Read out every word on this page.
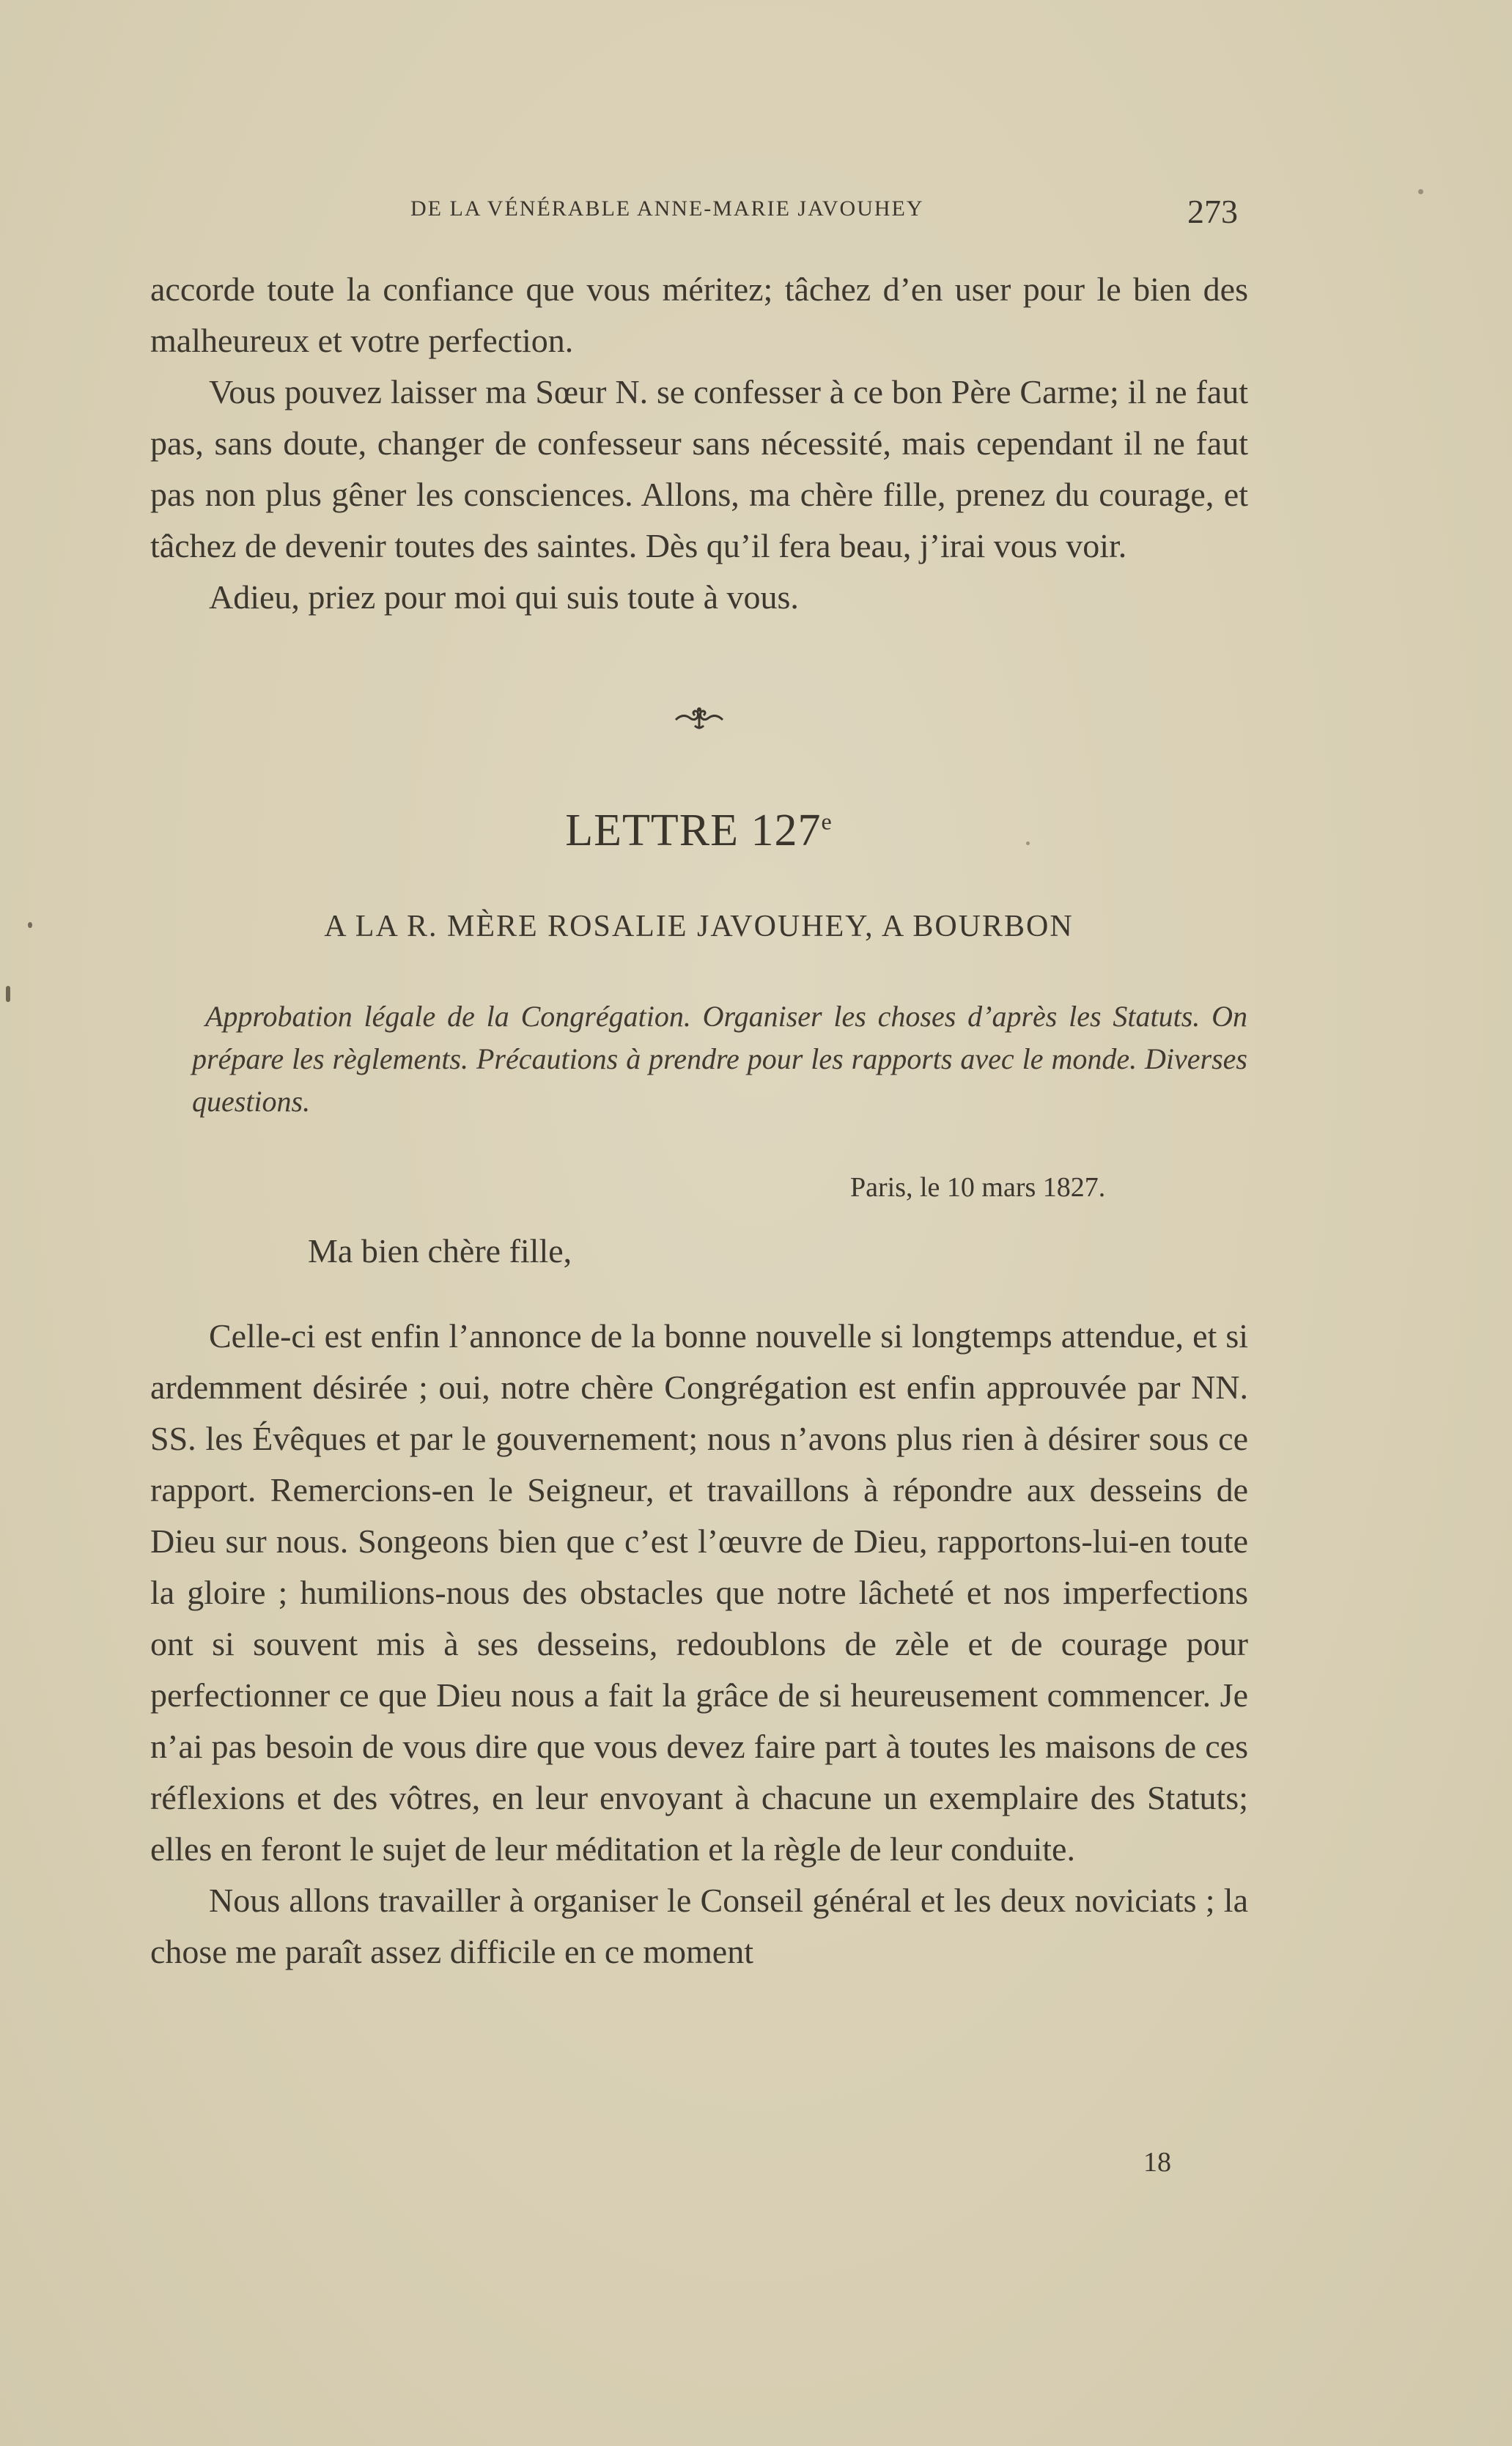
DE LA VÉNÉRABLE ANNE-MARIE JAVOUHEY	273

accorde toute la confiance que vous méritez; tâchez d’en user pour le bien des malheureux et votre perfection.

Vous pouvez laisser ma Sœur N. se confesser à ce bon Père Carme; il ne faut pas, sans doute, changer de confesseur sans nécessité, mais cependant il ne faut pas non plus gêner les consciences. Allons, ma chère fille, prenez du courage, et tâchez de devenir toutes des saintes. Dès qu’il fera beau, j’irai vous voir.

Adieu, priez pour moi qui suis toute à vous.

LETTRE 127e
A LA R. MÈRE ROSALIE JAVOUHEY, A BOURBON
Approbation légale de la Congrégation. Organiser les choses d’après les Statuts. On prépare les règlements. Précautions à prendre pour les rapports avec le monde. Diverses questions.
Paris, le 10 mars 1827.
Ma bien chère fille,

Celle-ci est enfin l’annonce de la bonne nouvelle si longtemps attendue, et si ardemment désirée ; oui, notre chère Congrégation est enfin approuvée par NN. SS. les Évêques et par le gouvernement; nous n’avons plus rien à désirer sous ce rapport. Remercions-en le Seigneur, et travaillons à répondre aux desseins de Dieu sur nous. Songeons bien que c’est l’œuvre de Dieu, rapportons-lui-en toute la gloire ; humilions-nous des obstacles que notre lâcheté et nos imperfections ont si souvent mis à ses desseins, redoublons de zèle et de courage pour perfectionner ce que Dieu nous a fait la grâce de si heureusement commencer. Je n’ai pas besoin de vous dire que vous devez faire part à toutes les maisons de ces réflexions et des vôtres, en leur envoyant à chacune un exemplaire des Statuts; elles en feront le sujet de leur méditation et la règle de leur conduite.

Nous allons travailler à organiser le Conseil général et les deux noviciats ; la chose me paraît assez difficile en ce moment

18
